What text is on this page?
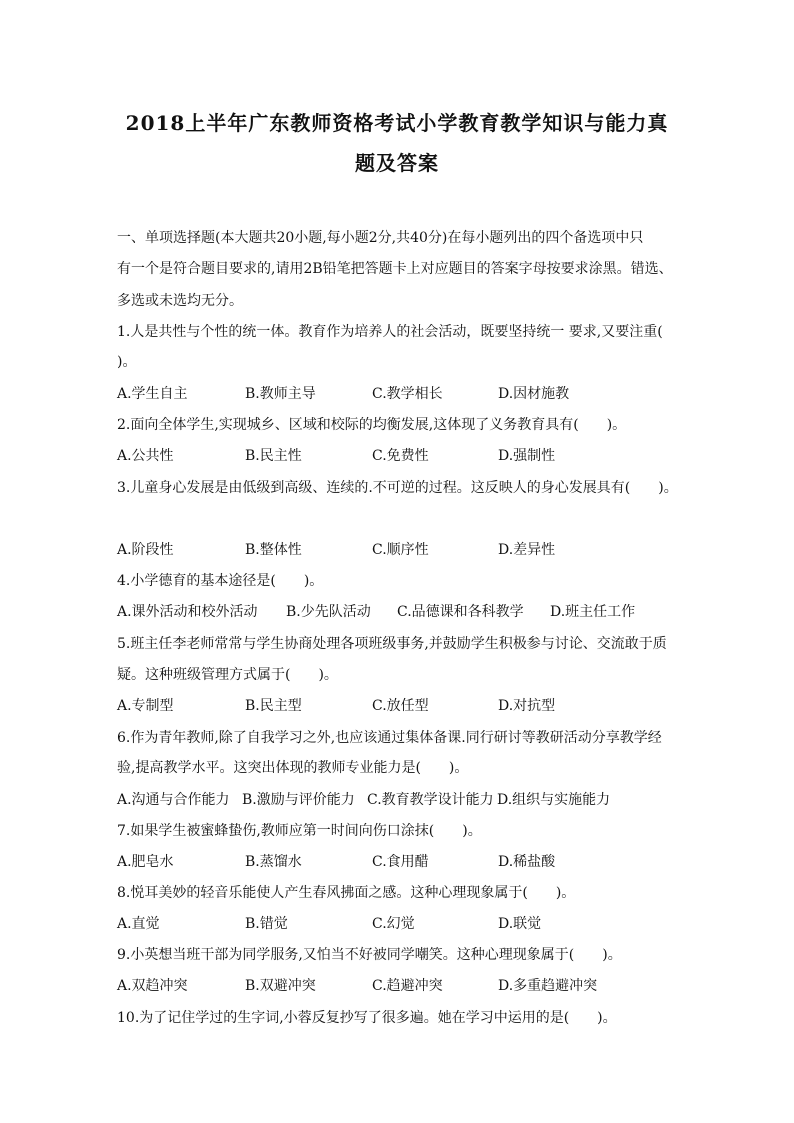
2018上半年广东教师资格考试小学教育教学知识与能力真
题及答案
一、单项选择题(本大题共20小题,每小题2分,共40分)在每小题列出的四个备选项中只
有一个是符合题目要求的,请用2B铅笔把答题卡上对应题目的答案字母按要求涂黑。错选、
多选或未选均无分。
1.人是共性与个性的统一体。教育作为培养人的社会活动，既要坚持统一 要求,又要注重(
)。
A.学生自主	B.教师主导	C.教学相长	D.因材施教
2.面向全体学生,实现城乡、区域和校际的均衡发展,这体现了义务教育具有(　　)。
A.公共性	B.民主性	C.免费性	D.强制性
3.儿童身心发展是由低级到高级、连续的.不可逆的过程。这反映人的身心发展具有(　　)。
A.阶段性	B.整体性	C.顺序性	D.差异性
4.小学德育的基本途径是(　　)。
A.课外活动和校外活动 B.少先队活动 C.品德课和各科教学 D.班主任工作
5.班主任李老师常常与学生协商处理各项班级事务,并鼓励学生积极参与讨论、交流敢于质
疑。这种班级管理方式属于(　　)。
A.专制型	B.民主型	C.放任型	D.对抗型
6.作为青年教师,除了自我学习之外,也应该通过集体备课.同行研讨等教研活动分享教学经
验,提高教学水平。这突出体现的教师专业能力是(　　)。
A.沟通与合作能力 B.激励与评价能力 C.教育教学设计能力 D.组织与实施能力
7.如果学生被蜜蜂蛰伤,教师应第一时间向伤口涂抹(　　)。
A.肥皂水	B.蒸馏水	C.食用醋	D.稀盐酸
8.悦耳美妙的轻音乐能使人产生春风拂面之感。这种心理现象属于(　　)。
A.直觉	B.错觉	C.幻觉	D.联觉
9.小英想当班干部为同学服务,又怕当不好被同学嘲笑。这种心理现象属于(　　)。
A.双趋冲突	B.双避冲突	C.趋避冲突	D.多重趋避冲突
10.为了记住学过的生字词,小蓉反复抄写了很多遍。她在学习中运用的是(　　)。
